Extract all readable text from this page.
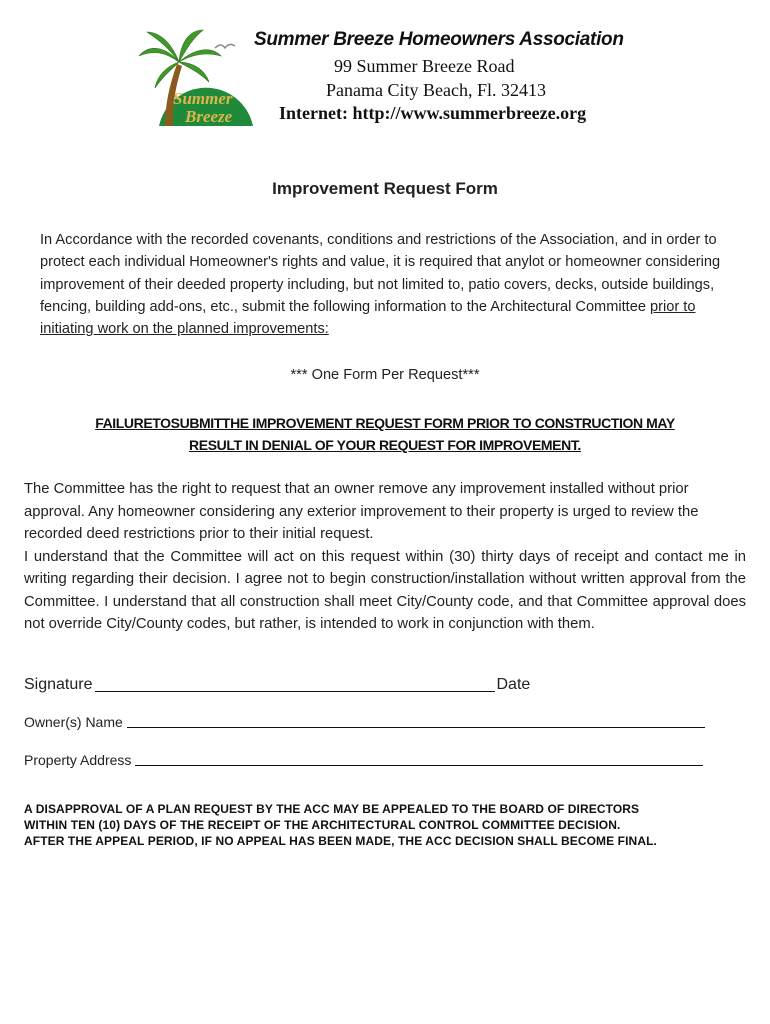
Summer
Breeze
Summer Breeze Homeowners Association
99 Summer Breeze Road
Panama City Beach, Fl. 32413
Internet: http://www.summerbreeze.org
Improvement Request Form
In Accordance with the recorded covenants, conditions and restrictions of the Association, and in order to protect each individual Homeowner's rights and value, it is required that anylot or homeowner considering improvement of their deeded property including, but not limited to, patio covers, decks, outside buildings, fencing, building add-ons, etc., submit the following information to the Architectural Committee prior to initiating work on the planned improvements:
*** One Form Per Request***
FAILURETOSUBMITTHE IMPROVEMENT REQUEST FORM PRIOR TO CONSTRUCTION MAY
RESULT IN DENIAL OF YOUR REQUEST FOR IMPROVEMENT.

The Committee has the right to request that an owner remove any improvement installed without prior approval. Any homeowner considering any exterior improvement to their property is urged to review the recorded deed restrictions prior to their initial request.

I understand that the Committee will act on this request within (30) thirty days of receipt and contact me in writing regarding their decision. I agree not to begin construction/installation without written approval from the Committee. I understand that all construction shall meet City/County code, and that Committee approval does not override City/County codes, but rather, is intended to work in conjunction with them.

Signature	Date
Owner(s) Name
Property Address
A DISAPPROVAL OF A PLAN REQUEST BY THE ACC MAY BE APPEALED TO THE BOARD OF DIRECTORS
WITHIN TEN (10) DAYS OF THE RECEIPT OF THE ARCHITECTURAL CONTROL COMMITTEE DECISION.
AFTER THE APPEAL PERIOD, IF NO APPEAL HAS BEEN MADE, THE ACC DECISION SHALL BECOME FINAL.
